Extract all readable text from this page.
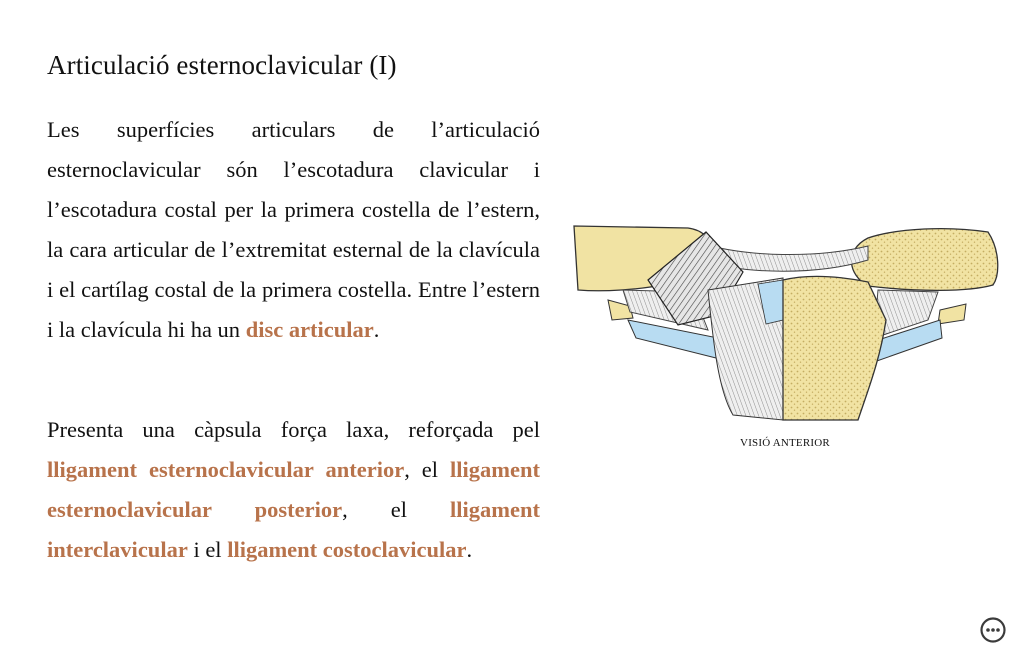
Articulació esternoclavicular (I)

Les superfícies articulars de l’articulació esternoclavicular són l’escotadura clavicular i l’escotadura costal per la primera costella de l’estern, la cara articular de l’extremitat esternal de la clavícula i el cartílag costal de la primera costella. Entre l’estern i la clavícula hi ha un disc articular.

Presenta una càpsula força laxa, reforçada pel lligament esternoclavicular anterior, el lligament esternoclavicular posterior, el lligament interclavicular i el lligament costoclavicular.

VISIÓ ANTERIOR
